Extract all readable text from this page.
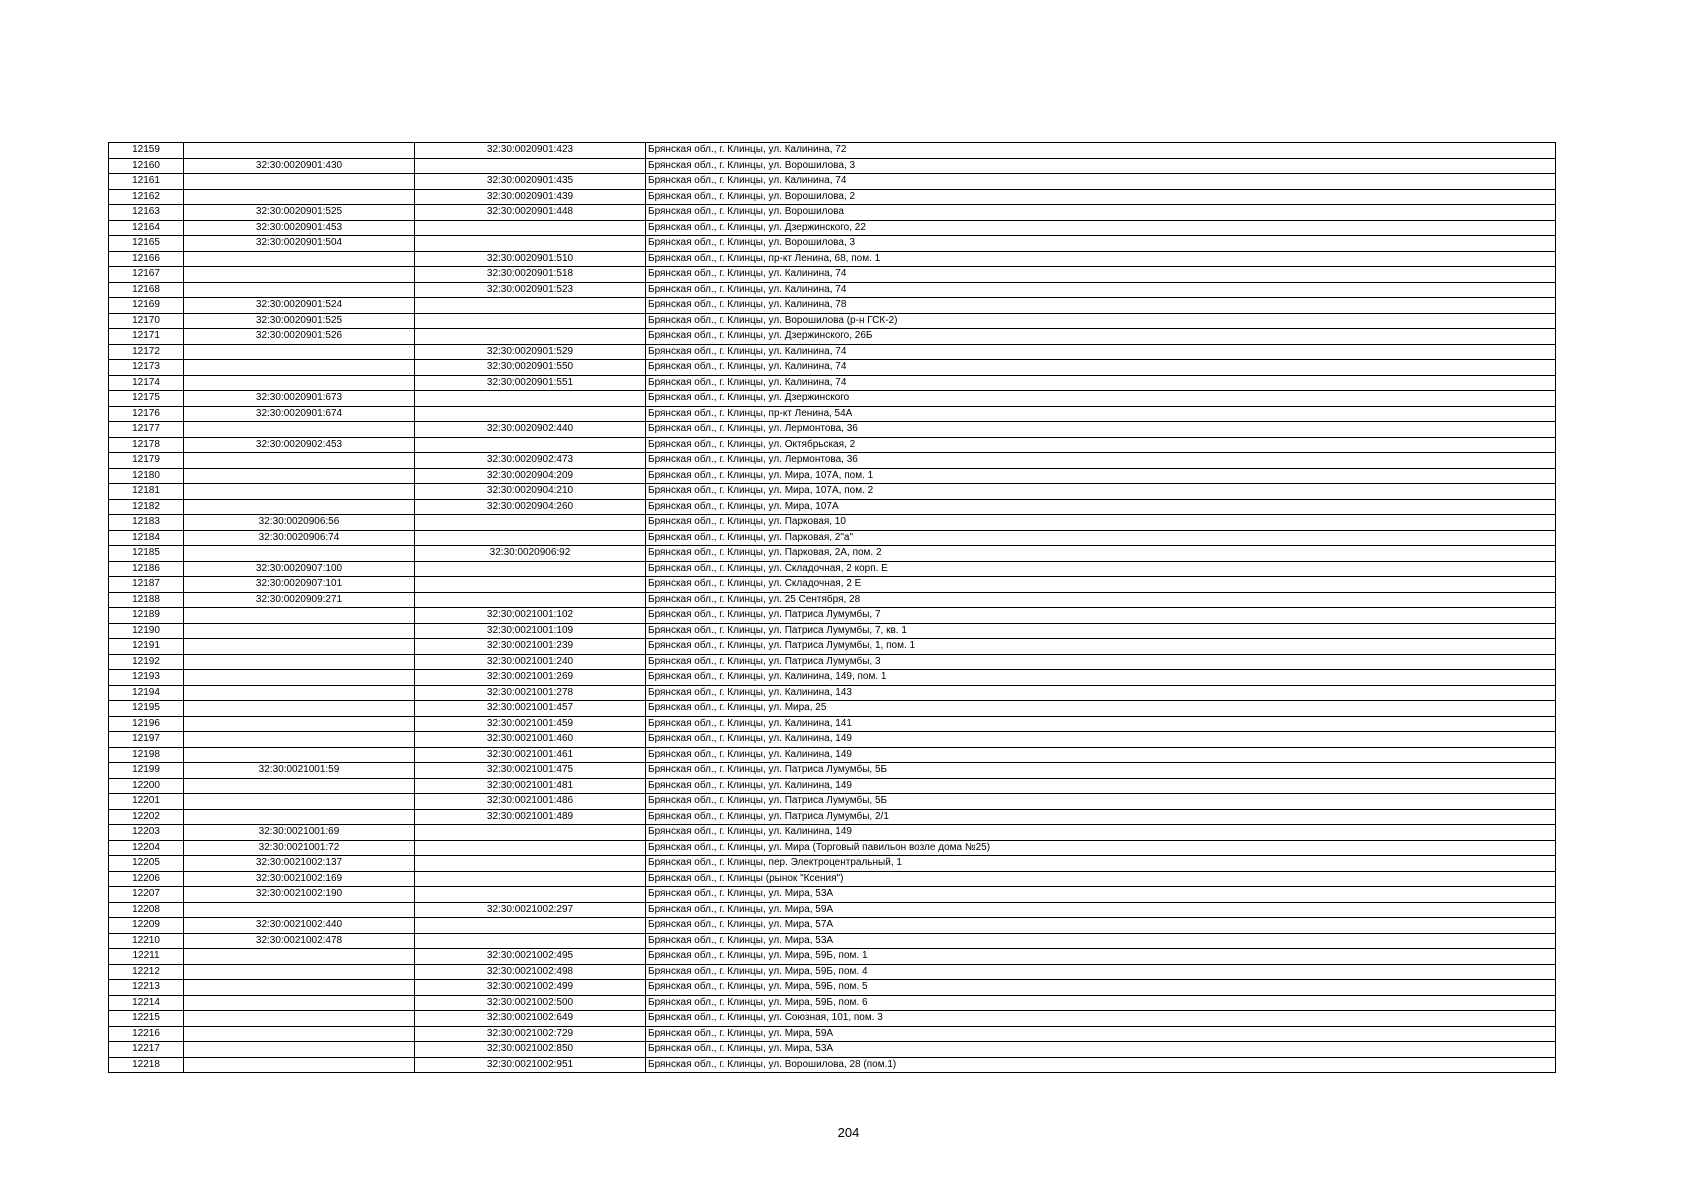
12159		32:30:0020901:423	Брянская обл., г. Клинцы, ул. Калинина, 72
12160	32:30:0020901:430		Брянская обл., г. Клинцы, ул. Ворошилова, 3
12161		32:30:0020901:435	Брянская обл., г. Клинцы, ул. Калинина, 74
12162		32:30:0020901:439	Брянская обл., г. Клинцы, ул. Ворошилова, 2
12163	32:30:0020901:525	32:30:0020901:448	Брянская обл., г. Клинцы, ул. Ворошилова
12164	32:30:0020901:453		Брянская обл., г. Клинцы, ул. Дзержинского, 22
12165	32:30:0020901:504		Брянская обл., г. Клинцы, ул. Ворошилова, 3
12166		32:30:0020901:510	Брянская обл., г. Клинцы, пр-кт Ленина, 68, пом. 1
12167		32:30:0020901:518	Брянская обл., г. Клинцы, ул. Калинина, 74
12168		32:30:0020901:523	Брянская обл., г. Клинцы, ул. Калинина, 74
12169	32:30:0020901:524		Брянская обл., г. Клинцы, ул. Калинина, 78
12170	32:30:0020901:525		Брянская обл., г. Клинцы, ул. Ворошилова (р-н ГСК-2)
12171	32:30:0020901:526		Брянская обл., г. Клинцы, ул. Дзержинского, 26Б
12172		32:30:0020901:529	Брянская обл., г. Клинцы, ул. Калинина, 74
12173		32:30:0020901:550	Брянская обл., г. Клинцы, ул. Калинина, 74
12174		32:30:0020901:551	Брянская обл., г. Клинцы, ул. Калинина, 74
12175	32:30:0020901:673		Брянская обл., г. Клинцы, ул. Дзержинского
12176	32:30:0020901:674		Брянская обл., г. Клинцы, пр-кт Ленина, 54А
12177		32:30:0020902:440	Брянская обл., г. Клинцы, ул. Лермонтова, 36
12178	32:30:0020902:453		Брянская обл., г. Клинцы, ул. Октябрьская, 2
12179		32:30:0020902:473	Брянская обл., г. Клинцы, ул. Лермонтова, 36
12180		32:30:0020904:209	Брянская обл., г. Клинцы, ул. Мира, 107А, пом. 1
12181		32:30:0020904:210	Брянская обл., г. Клинцы, ул. Мира, 107А, пом. 2
12182		32:30:0020904:260	Брянская обл., г. Клинцы, ул. Мира, 107А
12183	32:30:0020906:56		Брянская обл., г. Клинцы, ул. Парковая, 10
12184	32:30:0020906:74		Брянская обл., г. Клинцы, ул. Парковая, 2"а"
12185		32:30:0020906:92	Брянская обл., г. Клинцы, ул. Парковая, 2А, пом. 2
12186	32:30:0020907:100		Брянская обл., г. Клинцы, ул. Складочная, 2 корп. Е
12187	32:30:0020907:101		Брянская обл., г. Клинцы, ул. Складочная, 2 Е
12188	32:30:0020909:271		Брянская обл., г. Клинцы, ул. 25 Сентября, 28
12189		32:30:0021001:102	Брянская обл., г. Клинцы, ул. Патриса Лумумбы, 7
12190		32:30:0021001:109	Брянская обл., г. Клинцы, ул. Патриса Лумумбы, 7, кв. 1
12191		32:30:0021001:239	Брянская обл., г. Клинцы, ул. Патриса Лумумбы, 1, пом. 1
12192		32:30:0021001:240	Брянская обл., г. Клинцы, ул. Патриса Лумумбы, 3
12193		32:30:0021001:269	Брянская обл., г. Клинцы, ул. Калинина, 149, пом. 1
12194		32:30:0021001:278	Брянская обл., г. Клинцы, ул. Калинина, 143
12195		32:30:0021001:457	Брянская обл., г. Клинцы, ул. Мира, 25
12196		32:30:0021001:459	Брянская обл., г. Клинцы, ул. Калинина, 141
12197		32:30:0021001:460	Брянская обл., г. Клинцы, ул. Калинина, 149
12198		32:30:0021001:461	Брянская обл., г. Клинцы, ул. Калинина, 149
12199	32:30:0021001:59	32:30:0021001:475	Брянская обл., г. Клинцы, ул. Патриса Лумумбы, 5Б
12200		32:30:0021001:481	Брянская обл., г. Клинцы, ул. Калинина, 149
12201		32:30:0021001:486	Брянская обл., г. Клинцы, ул. Патриса Лумумбы, 5Б
12202		32:30:0021001:489	Брянская обл., г. Клинцы, ул. Патриса Лумумбы, 2/1
12203	32:30:0021001:69		Брянская обл., г. Клинцы, ул. Калинина, 149
12204	32:30:0021001:72		Брянская обл., г. Клинцы, ул. Мира (Торговый павильон возле дома №25)
12205	32:30:0021002:137		Брянская обл., г. Клинцы, пер. Электроцентральный, 1
12206	32:30:0021002:169		Брянская обл., г. Клинцы (рынок "Ксения")
12207	32:30:0021002:190		Брянская обл., г. Клинцы, ул. Мира, 53А
12208		32:30:0021002:297	Брянская обл., г. Клинцы, ул. Мира, 59А
12209	32:30:0021002:440		Брянская обл., г. Клинцы, ул. Мира, 57А
12210	32:30:0021002:478		Брянская обл., г. Клинцы, ул. Мира, 53А
12211		32:30:0021002:495	Брянская обл., г. Клинцы, ул. Мира, 59Б, пом. 1
12212		32:30:0021002:498	Брянская обл., г. Клинцы, ул. Мира, 59Б, пом. 4
12213		32:30:0021002:499	Брянская обл., г. Клинцы, ул. Мира, 59Б, пом. 5
12214		32:30:0021002:500	Брянская обл., г. Клинцы, ул. Мира, 59Б, пом. 6
12215		32:30:0021002:649	Брянская обл., г. Клинцы, ул. Союзная, 101, пом. 3
12216		32:30:0021002:729	Брянская обл., г. Клинцы, ул. Мира, 59А
12217		32:30:0021002:850	Брянская обл., г. Клинцы, ул. Мира, 53А
12218		32:30:0021002:951	Брянская обл., г. Клинцы, ул. Ворошилова, 28 (пом.1)
204
